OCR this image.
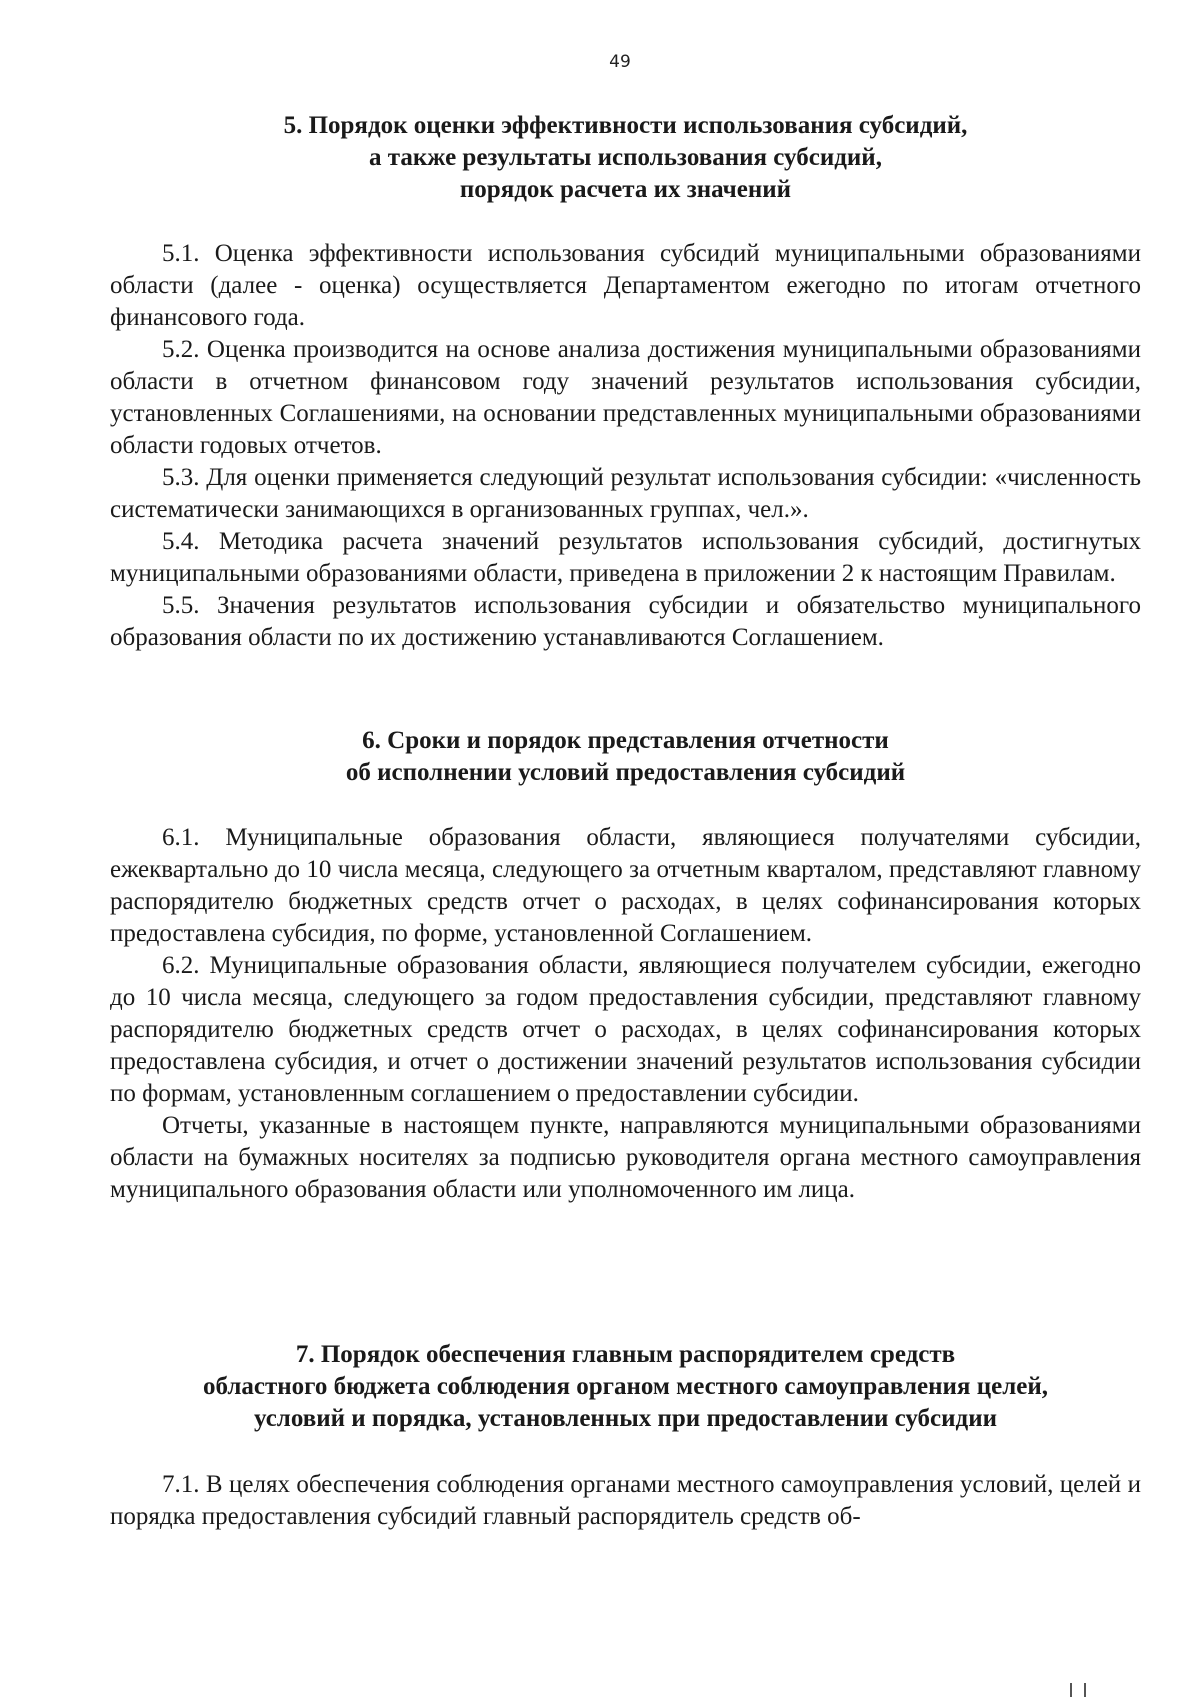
49
5. Порядок оценки эффективности использования субсидий,
а также результаты использования субсидий,
порядок расчета их значений

5.1. Оценка эффективности использования субсидий муниципальными образованиями области (далее - оценка) осуществляется Департаментом ежегодно по итогам отчетного финансового года.

5.2. Оценка производится на основе анализа достижения муниципальными образованиями области в отчетном финансовом году значений результатов использования субсидии, установленных Соглашениями, на основании представленных муниципальными образованиями области годовых отчетов.

5.3. Для оценки применяется следующий результат использования субсидии: «численность систематически занимающихся в организованных группах, чел.».

5.4. Методика расчета значений результатов использования субсидий, достигнутых муниципальными образованиями области, приведена в приложении 2 к настоящим Правилам.

5.5. Значения результатов использования субсидии и обязательство муниципального образования области по их достижению устанавливаются Соглашением.

6. Сроки и порядок представления отчетности
об исполнении условий предоставления субсидий

6.1. Муниципальные образования области, являющиеся получателями субсидии, ежеквартально до 10 числа месяца, следующего за отчетным кварталом, представляют главному распорядителю бюджетных средств отчет о расходах, в целях софинансирования которых предоставлена субсидия, по форме, установленной Соглашением.

6.2. Муниципальные образования области, являющиеся получателем субсидии, ежегодно до 10 числа месяца, следующего за годом предоставления субсидии, представляют главному распорядителю бюджетных средств отчет о расходах, в целях софинансирования которых предоставлена субсидия, и отчет о достижении значений результатов использования субсидии по формам, установленным соглашением о предоставлении субсидии.

Отчеты, указанные в настоящем пункте, направляются муниципальными образованиями области на бумажных носителях за подписью руководителя органа местного самоуправления муниципального образования области или уполномоченного им лица.

7. Порядок обеспечения главным распорядителем средств
областного бюджета соблюдения органом местного самоуправления целей,
условий и порядка, установленных при предоставлении субсидии

7.1. В целях обеспечения соблюдения органами местного самоуправления условий, целей и порядка предоставления субсидий главный распорядитель средств об-
